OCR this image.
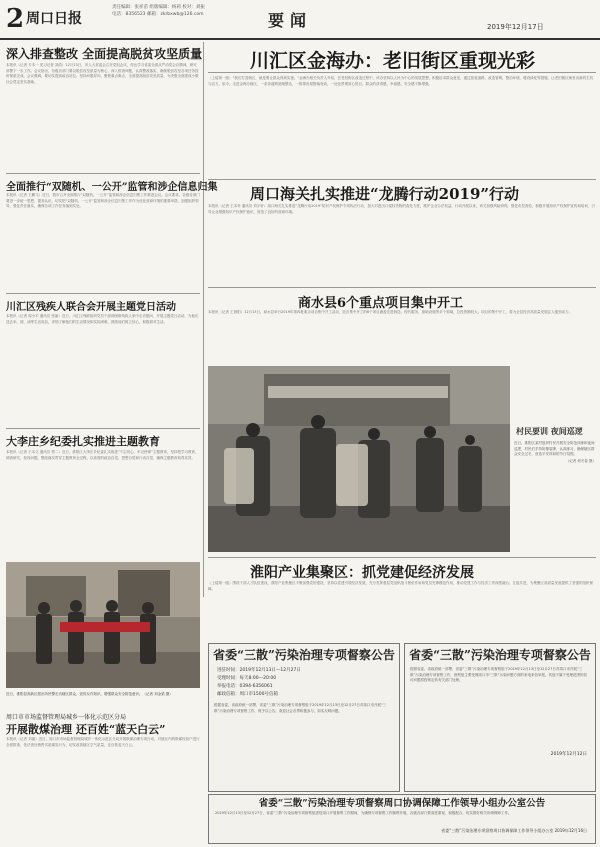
2 周口日报
责任编辑：张祥苗 组版编辑：杨莉 校对：刘振
电话：8356523 邮箱：zkrbxwb@126.com	要闻	2019年12月17日
深入排查整改 全面提高脱贫攻坚质量

本报讯（记者 专本一 见习记者 刘清）12月13日，市人大常委会召开党组会议，传达学习省委全面从严治党会议精神，研究部署下一步工作。会议指出，各级各部门要以脱贫攻坚质量为核心，深入排查问题，认真整改落实，确保脱贫攻坚各项任务按时保质完成。会议强调，要切实提高政治站位，坚持问题导向，聚焦重点难点，全面提高脱贫攻坚质量，为决胜全面建成小康社会奠定坚实基础。

全面推行“双随机、一公开”监管和涉企信息归集

本报讯（记者 王鹏飞）近日，我市召开全面推行“双随机、一公开”监管和涉企信息归集工作推进会议。会议要求，各级各部门要进一步统一思想，提高认识，切实把“双随机、一公开”监管和涉企信息归集工作作为优化营商环境的重要举措，加强组织领导，强化责任落实，确保各项工作任务落到实处。

川汇区残疾人联合会开展主题党日活动

本报讯（记者 周小平 通讯员 张丽）近日，川汇区残联组织党员干部到困难残疾人家中走访慰问，开展主题党日活动，为他们送去米、面、油等生活用品，详细了解他们的生活情况和实际困难，鼓励他们树立信心，积极面对生活。

大李庄乡纪委扎实推进主题教育

本报讯（记者 王本义 通讯员 贾二）近日，淮阳区大李庄乡纪委扎实推进“不忘初心、牢记使命”主题教育，坚持把学习教育、调查研究、检视问题、整改落实贯穿主题教育全过程，以高度的政治自觉、思想自觉和行动自觉，确保主题教育取得实效。

近日，淮阳县高新区派出所民警走访辖区群众，宣传反诈知识，增强群众安全防范意识。（记者 刘金梁 摄）
周口市市场监督管理局城乡一体化示范区分局
开展散煤治理 还百姓“蓝天白云”

本报讯（记者 刘丽）近日，周口市市场监督管理局城乡一体化示范区分局开展散煤治理专项行动，对辖区内的散煤经营户进行全面排查，依法查处销售劣质煤炭行为，切实改善辖区空气质量，还百姓蓝天白云。

川汇区金海办：老旧街区重现光彩

（上接第一版）“我们打造街区，就是要让群众得到实惠。”金海办相关负责人介绍，在老旧街区改造过程中，该办坚持以人民为中心的发展思想，积极征求群众意见，通过拓宽道路、改造管网、整治环境、增设绿化等措施，让老旧街区焕发出新的生机与活力。如今，走进金海办辖区，一条条道路宽敞整洁，一排排房屋错落有致，一处处景观赏心悦目，群众的获得感、幸福感、安全感不断增强。

周口海关扎实推进“龙腾行动2019”行动

本报讯（记者 王本朴 通讯员 刘宇轩）周口海关扎实推进“龙腾行动2019”知识产权保护专项执法行动，加大对进出口侵权货物的查处力度，维护企业合法权益。行动开展以来，该关加强风险研判，强化布控查验，积极开展知识产权保护宣传和培训，引导企业增强知识产权保护意识，营造了良好的营商环境。

商水县6个重点项目集中开工

本报讯（记者 王晨阳）12月13日，商水县举行2019年第四批重点项目集中开工活动，此次集中开工的6个项目涵盖先进制造、现代服务、基础设施等多个领域，总投资额较大。项目的集中开工，将为全县经济高质量发展注入强劲动力。

村民要训 夜间巡逻
近日，淮阳区某村组织村民开展安全防范训练和夜间巡逻，村民们手持防暴盾牌，认真练习，确保辖区群众安全过冬，营造平安祥和的节日氛围。
（记者 何冬春 摄）
淮阳产业集聚区：抓党建促经济发展

（上接第一版）围绕干部人才队伍建设，淮阳产业集聚区不断加强党的建设，坚持以党建引领经济发展，充分发挥基层党组织战斗堡垒作用和党员先锋模范作用，推动党建工作与经济工作深度融合、互促共进，为集聚区高质量发展提供了坚强的组织保障。

省委“三散”污染治理专项督察公告
进驻时间：2019年12月13日—12月27日
受理时间：每天8:00—20:00
举报电话：0394-6356061
邮政信箱：周口市1500号信箱
根据省委、省政府统一部署，省委“三散”污染治理专项督察组于2019年12月13日至12月27日对周口市开展“三散”污染治理专项督察工作，现予以公告。欢迎社会各界积极参与，如实反映问题。
省委“三散”污染治理专项督察公告
按照省委、省政府统一部署，省委“三散”污染治理专项督察组于2019年12月13日至12月27日对周口市开展“三散”污染治理专项督察工作，督察组主要受理周口市“三散”污染问题方面的来电来信举报，其他不属于受理范围的信访问题将按规定转有关部门处理。
2019年12月12日
省委“三散”污染治理专项督察周口协调保障工作领导小组办公室公告
2019年12月13日至12月27日，省委“三散”污染治理专项督察组进驻周口开展督察工作期间，为确保专项督察工作顺利开展，各级各部门要高度重视，积极配合，切实做好相关协调保障工作。
省委“三散”污染治理专项督察周口协调保障工作领导小组办公室 2019年12月16日
